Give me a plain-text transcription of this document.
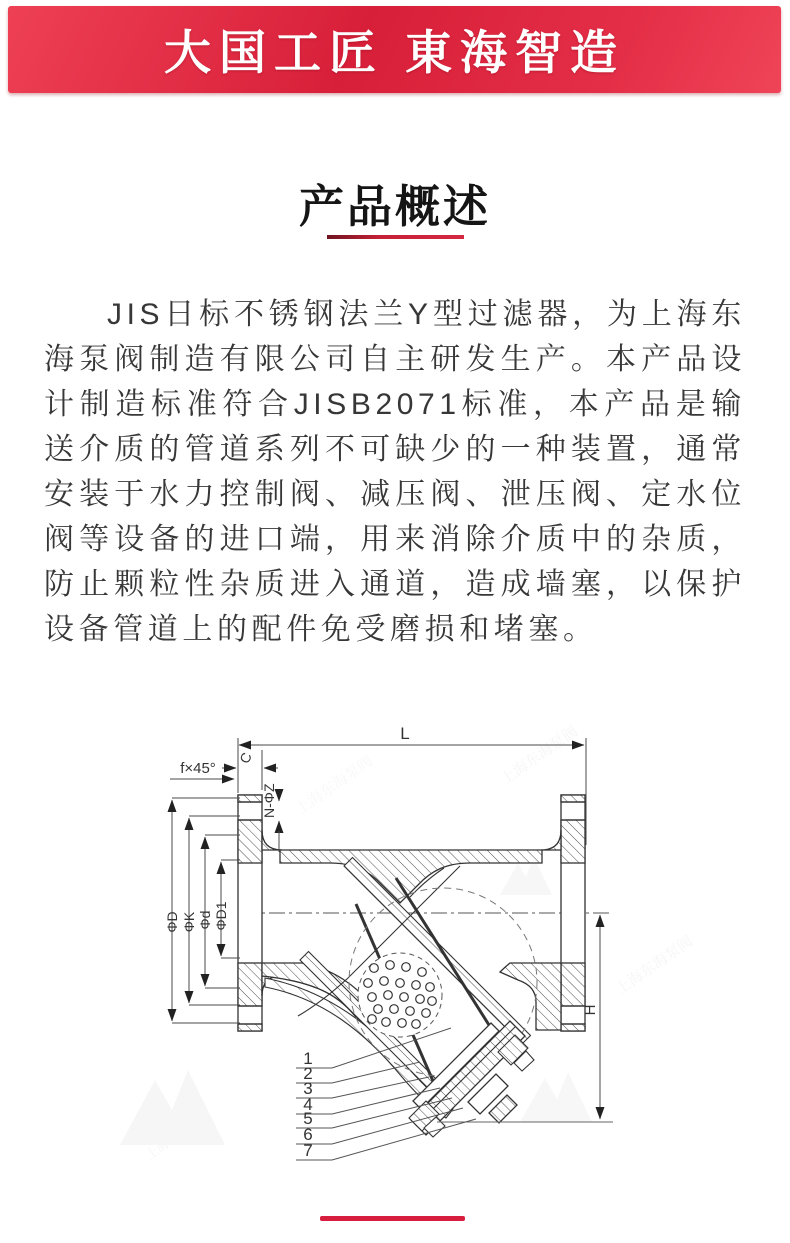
大国工匠 東海智造
产品概述

JIS日标不锈钢法兰Y型过滤器，为上海东海泵阀制造有限公司自主研发生产。本产品设计制造标准符合JISB2071标准，本产品是输送介质的管道系列不可缺少的一种装置，通常安装于水力控制阀、减压阀、泄压阀、定水位阀等设备的进口端，用来消除介质中的杂质，防止颗粒性杂质进入通道，造成墙塞，以保护设备管道上的配件免受磨损和堵塞。

上海东海泵阀
上海东海泵阀
上海东海泵阀
上海东海泵阀
L
C
f×45°
N-ΦZ
ΦD ΦK Φd ΦD1
H
1
2
3
4
5
6
7
